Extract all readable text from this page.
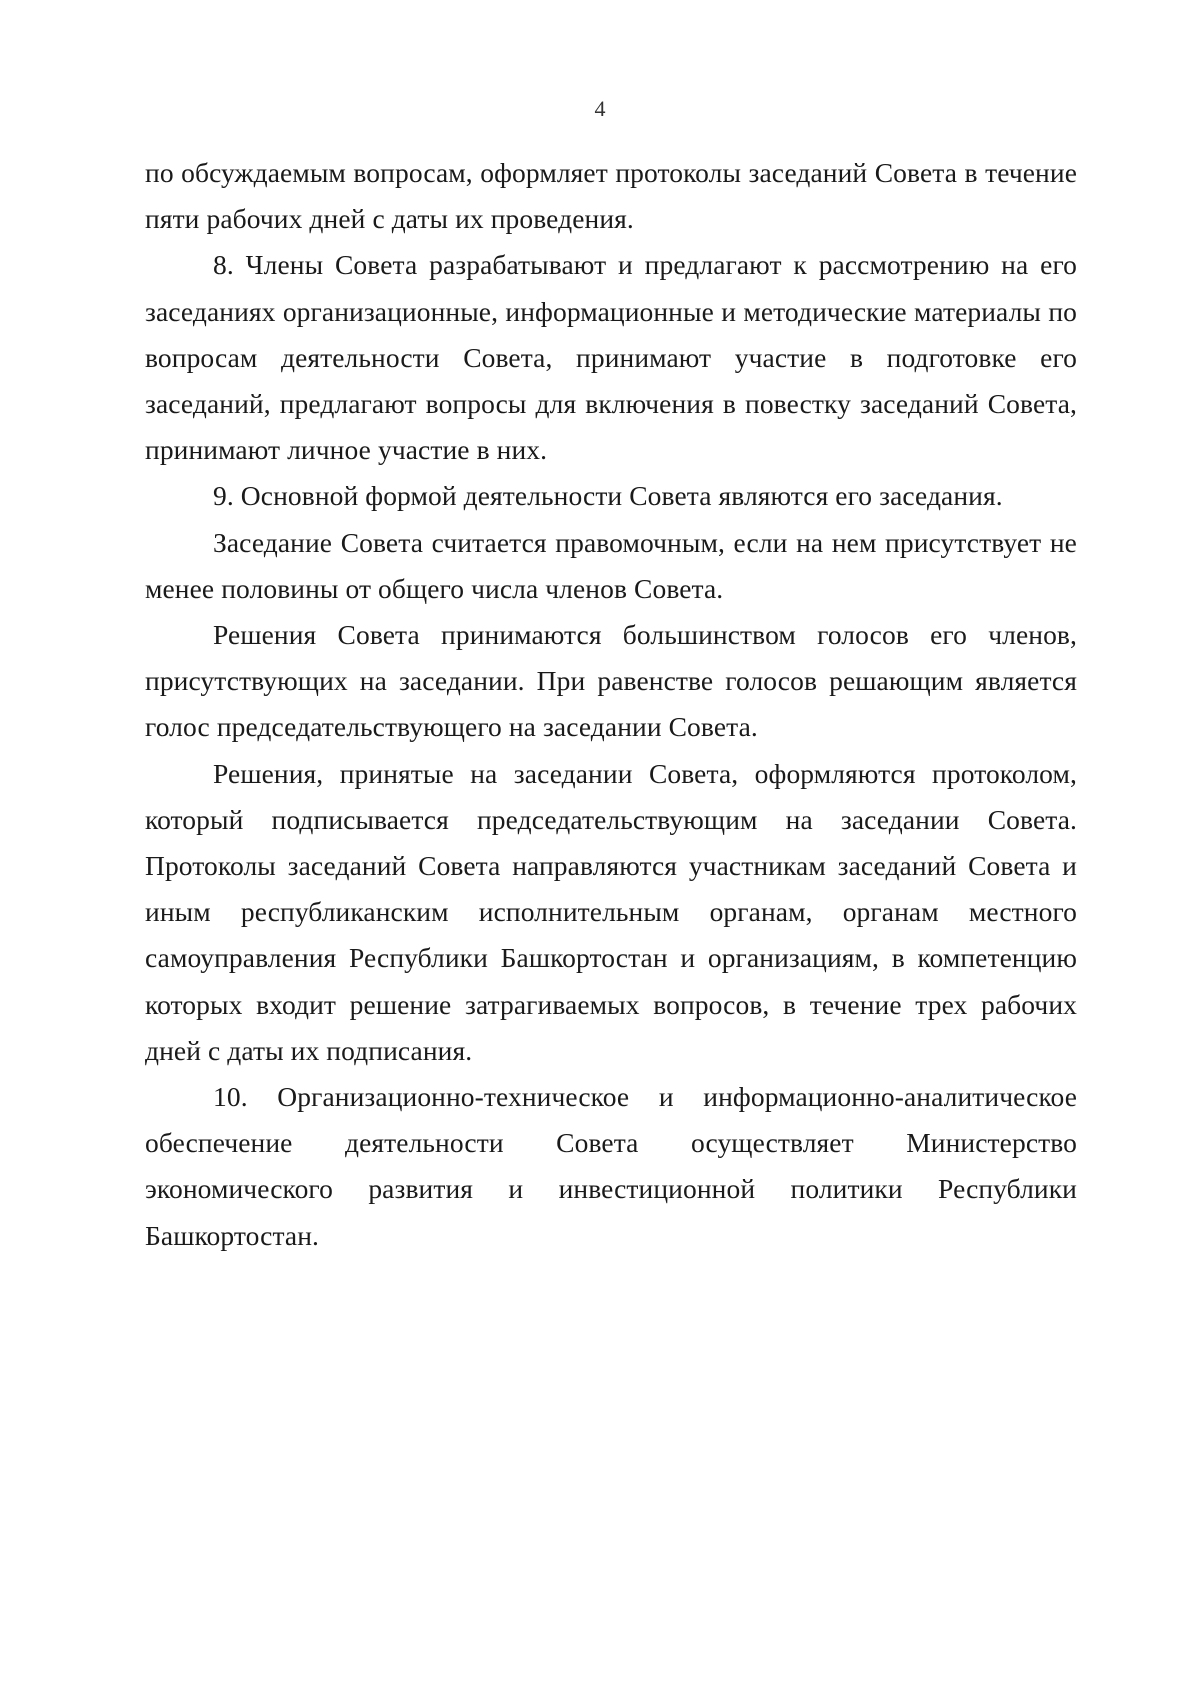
4

по обсуждаемым вопросам, оформляет протоколы заседаний Совета в течение пяти рабочих дней с даты их проведения.

8. Члены Совета разрабатывают и предлагают к рассмотрению на его заседаниях организационные, информационные и методические материалы по вопросам деятельности Совета, принимают участие в подготовке его заседаний, предлагают вопросы для включения в повестку заседаний Совета, принимают личное участие в них.

9. Основной формой деятельности Совета являются его заседания.

Заседание Совета считается правомочным, если на нем присутствует не менее половины от общего числа членов Совета.

Решения Совета принимаются большинством голосов его членов, присутствующих на заседании. При равенстве голосов решающим является голос председательствующего на заседании Совета.

Решения, принятые на заседании Совета, оформляются протоколом, который подписывается председательствующим на заседании Совета. Протоколы заседаний Совета направляются участникам заседаний Совета и иным республиканским исполнительным органам, органам местного самоуправления Республики Башкортостан и организациям, в компетенцию которых входит решение затрагиваемых вопросов, в течение трех рабочих дней с даты их подписания.

10. Организационно-техническое и информационно-аналитическое обеспечение деятельности Совета осуществляет Министерство экономического развития и инвестиционной политики Республики Башкортостан.
